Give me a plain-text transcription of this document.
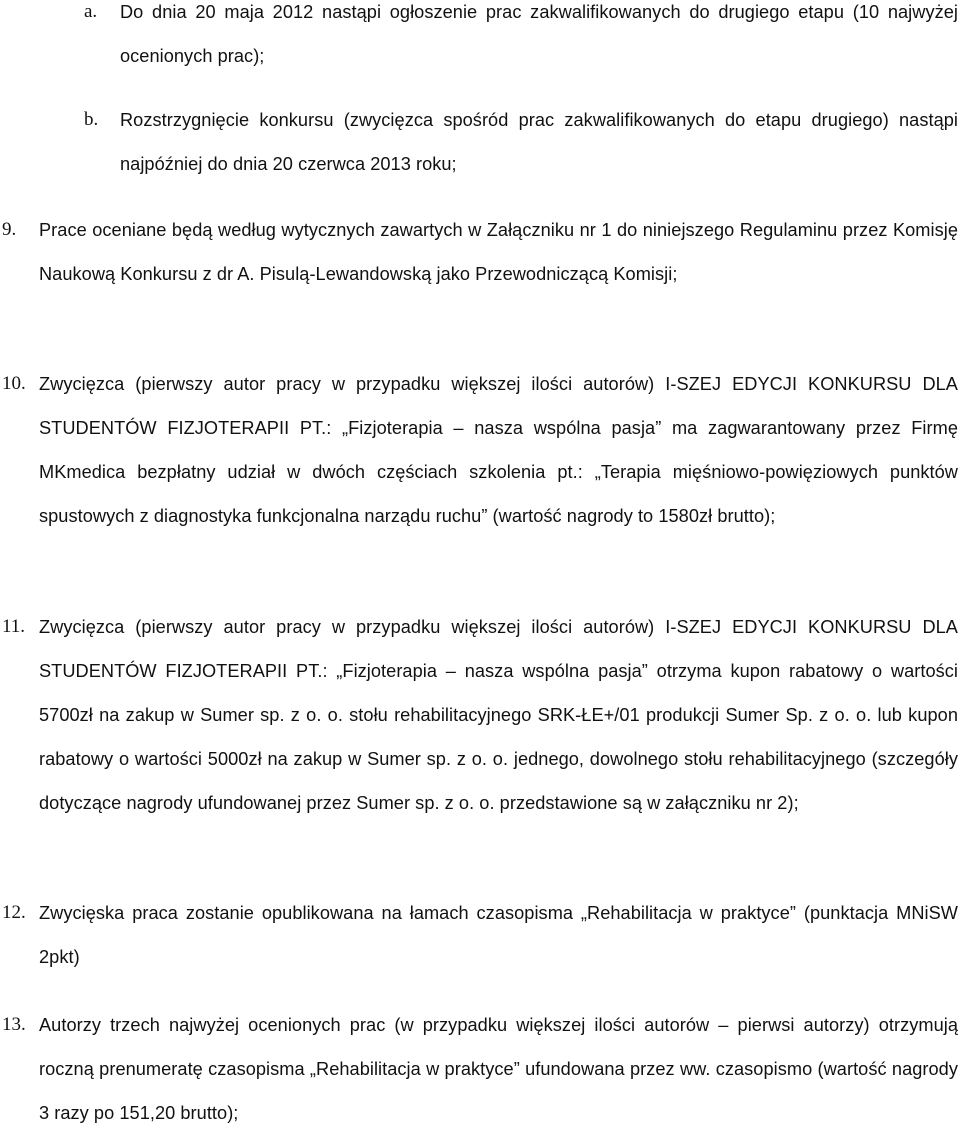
a. Do dnia 20 maja 2012 nastąpi ogłoszenie prac zakwalifikowanych do drugiego etapu (10 najwyżej ocenionych prac);

b. Rozstrzygnięcie konkursu (zwycięzca spośród prac zakwalifikowanych do etapu drugiego) nastąpi najpóźniej do dnia 20 czerwca 2013 roku;

9. Prace oceniane będą według wytycznych zawartych w Załączniku nr 1 do niniejszego Regulaminu przez Komisję Naukową Konkursu z dr A. Pisulą-Lewandowską jako Przewodniczącą Komisji;

10. Zwycięzca (pierwszy autor pracy w przypadku większej ilości autorów) I-SZEJ EDYCJI KONKURSU DLA STUDENTÓW FIZJOTERAPII PT.: „Fizjoterapia – nasza wspólna pasja” ma zagwarantowany przez Firmę MKmedica bezpłatny udział w dwóch częściach szkolenia pt.: „Terapia mięśniowo-powięziowych punktów spustowych z diagnostyka funkcjonalna narządu ruchu” (wartość nagrody to 1580zł brutto);

11. Zwycięzca (pierwszy autor pracy w przypadku większej ilości autorów) I-SZEJ EDYCJI KONKURSU DLA STUDENTÓW FIZJOTERAPII PT.: „Fizjoterapia – nasza wspólna pasja” otrzyma kupon rabatowy o wartości 5700zł na zakup w Sumer sp. z o. o. stołu rehabilitacyjnego SRK-ŁE+/01 produkcji Sumer Sp. z o. o. lub kupon rabatowy o wartości 5000zł na zakup w Sumer sp. z o. o. jednego, dowolnego stołu rehabilitacyjnego (szczegóły dotyczące nagrody ufundowanej przez Sumer sp. z o. o. przedstawione są w załączniku nr 2);

12. Zwycięska praca zostanie opublikowana na łamach czasopisma „Rehabilitacja w praktyce” (punktacja MNiSW 2pkt)

13. Autorzy trzech najwyżej ocenionych prac (w przypadku większej ilości autorów – pierwsi autorzy) otrzymują roczną prenumeratę czasopisma „Rehabilitacja w praktyce” ufundowana przez ww. czasopismo (wartość nagrody 3 razy po 151,20 brutto);
